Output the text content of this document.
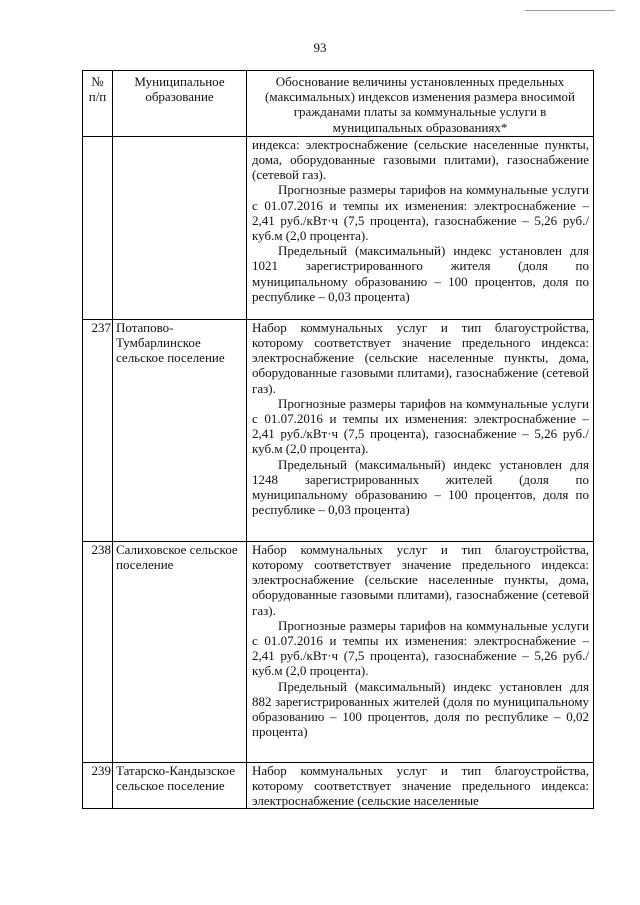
93
№ п/п	Муниципальное образование	Обоснование величины установленных предельных (максимальных) индексов изменения размера вносимой гражданами платы за коммунальные услуги в муниципальных образованиях*

		индекса: электроснабжение (сельские населенные пункты, дома, оборудованные газовыми плитами), газоснабжение (сетевой газ).

Прогнозные размеры тарифов на коммунальные услуги с 01.07.2016 и темпы их изменения: электроснабжение – 2,41 руб./кВт·ч (7,5 процента), газоснабжение – 5,26 руб./куб.м (2,0 процента).

Предельный (максимальный) индекс установлен для 1021 зарегистрированного жителя (доля по муниципальному образованию – 100 процентов, доля по республике – 0,03 процента)

237	Потапово-Тумбарлинское сельское поселение	Набор коммунальных услуг и тип благоустройства, которому соответствует значение предельного индекса: электроснабжение (сельские населенные пункты, дома, оборудованные газовыми плитами), газоснабжение (сетевой газ).

Прогнозные размеры тарифов на коммунальные услуги с 01.07.2016 и темпы их изменения: электроснабжение – 2,41 руб./кВт·ч (7,5 процента), газоснабжение – 5,26 руб./куб.м (2,0 процента).

Предельный (максимальный) индекс установлен для 1248 зарегистрированных жителей (доля по муниципальному образованию – 100 процентов, доля по республике – 0,03 процента)

238	Салиховское сельское поселение	Набор коммунальных услуг и тип благоустройства, которому соответствует значение предельного индекса: электроснабжение (сельские населенные пункты, дома, оборудованные газовыми плитами), газоснабжение (сетевой газ).

Прогнозные размеры тарифов на коммунальные услуги с 01.07.2016 и темпы их изменения: электроснабжение – 2,41 руб./кВт·ч (7,5 процента), газоснабжение – 5,26 руб./куб.м (2,0 процента).

Предельный (максимальный) индекс установлен для 882 зарегистрированных жителей (доля по муниципальному образованию – 100 процентов, доля по республике – 0,02 процента)

239	Татарско-Кандызское сельское поселение	Набор коммунальных услуг и тип благоустройства, которому соответствует значение предельного индекса: электроснабжение (сельские населенные
